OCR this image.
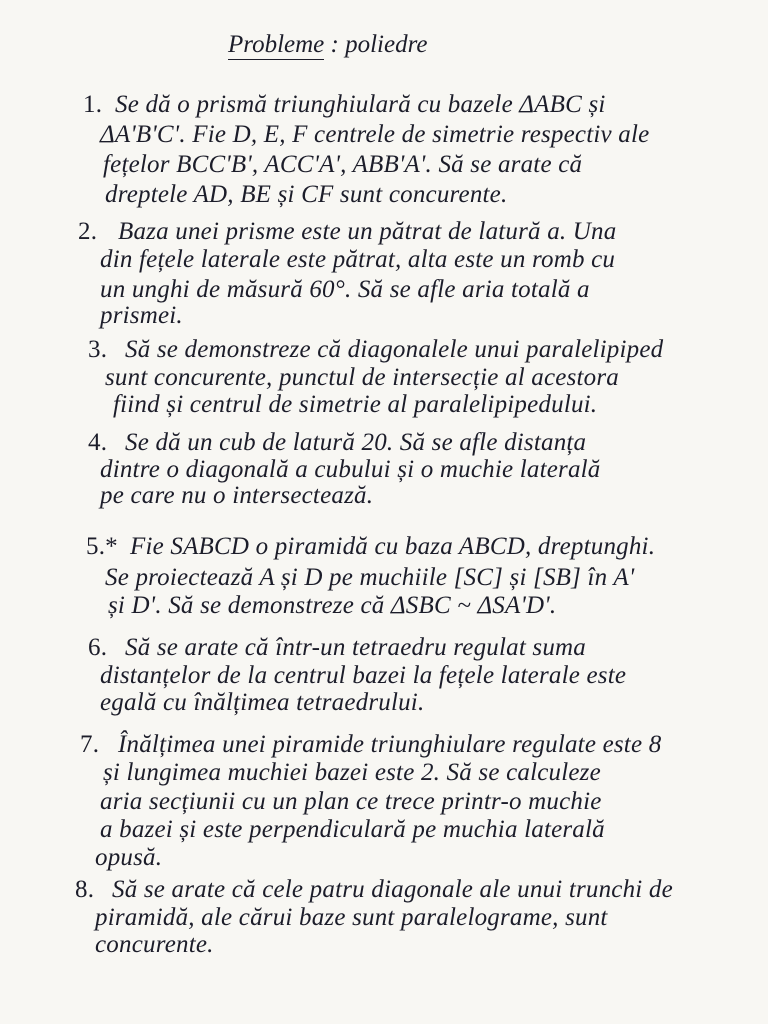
Probleme : poliedre
1. Se dă o prismă triunghiulară cu bazele ΔABC și
ΔA'B'C'. Fie D, E, F centrele de simetrie respectiv ale
fețelor BCC'B', ACC'A', ABB'A'. Să se arate că
dreptele AD, BE și CF sunt concurente.
2. Baza unei prisme este un pătrat de latură a. Una
din fețele laterale este pătrat, alta este un romb cu
un unghi de măsură 60°. Să se afle aria totală a
prismei.
3. Să se demonstreze că diagonalele unui paralelipiped
sunt concurente, punctul de intersecție al acestora
fiind și centrul de simetrie al paralelipipedului.
4. Se dă un cub de latură 20. Să se afle distanța
dintre o diagonală a cubului și o muchie laterală
pe care nu o intersectează.
5.* Fie SABCD o piramidă cu baza ABCD, dreptunghi.
Se proiectează A și D pe muchiile [SC] și [SB] în A'
și D'. Să se demonstreze că ΔSBC ~ ΔSA'D'.
6. Să se arate că într-un tetraedru regulat suma
distanțelor de la centrul bazei la fețele laterale este
egală cu înălțimea tetraedrului.
7. Înălțimea unei piramide triunghiulare regulate este 8
și lungimea muchiei bazei este 2. Să se calculeze
aria secțiunii cu un plan ce trece printr-o muchie
a bazei și este perpendiculară pe muchia laterală
opusă.
8. Să se arate că cele patru diagonale ale unui trunchi de
piramidă, ale cărui baze sunt paralelograme, sunt
concurente.
